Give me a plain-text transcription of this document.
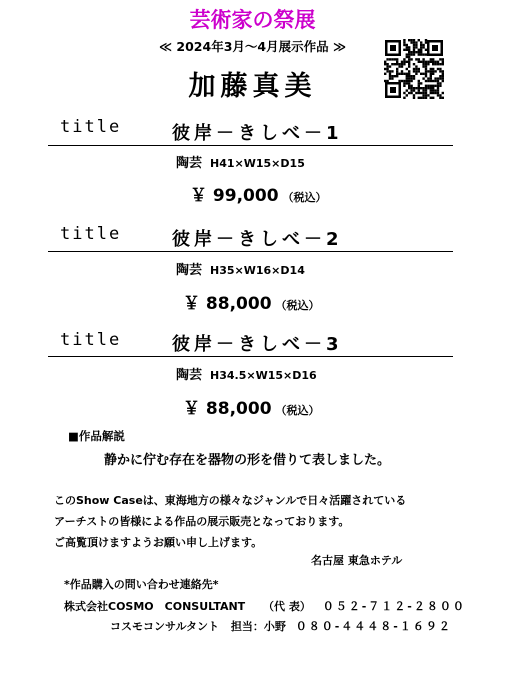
芸術家の祭展
≪ 2024年3月～4月展示作品 ≫
加藤真美
title	彼岸－きしべ－1
陶芸 H41×W15×D15
￥ 99,000 （税込）
title	彼岸－きしべ－2
陶芸 H35×W16×D14
￥ 88,000 （税込）
title	彼岸－きしべ－3
陶芸 H34.5×W15×D16
￥ 88,000 （税込）
■作品解説
静かに佇む存在を器物の形を借りて表しました。
このShow Caseは、東海地方の様々なジャンルで日々活躍されている
アーチストの皆様による作品の展示販売となっております。
ご高覧頂けますようお願い申し上げます。
名古屋 東急ホテル
*作品購入の問い合わせ連絡先*
株式会社COSMO　CONSULTANT （代 表） ０５２-７１２-２８００
コスモコンサルタント 担当：小野 ０８０-４４４８-１６９２
